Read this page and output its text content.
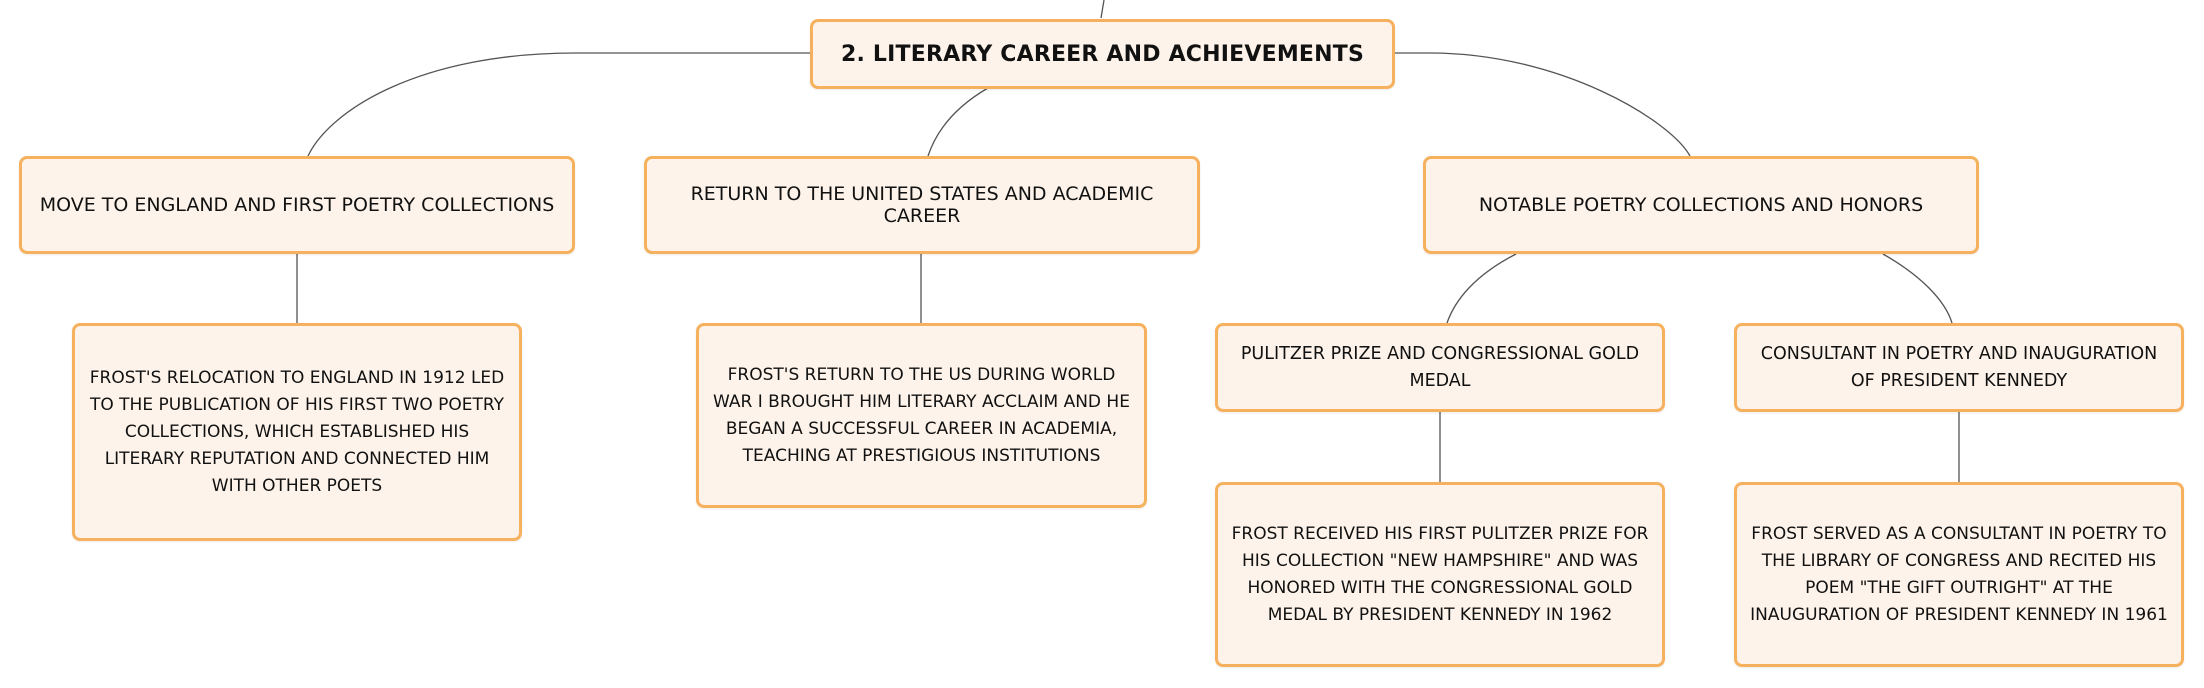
2. LITERARY CAREER AND ACHIEVEMENTS
MOVE TO ENGLAND AND FIRST POETRY COLLECTIONS	RETURN TO THE UNITED STATES AND ACADEMIC CAREER	NOTABLE POETRY COLLECTIONS AND HONORS
FROST'S RELOCATION TO ENGLAND IN 1912 LED TO THE PUBLICATION OF HIS FIRST TWO POETRY COLLECTIONS, WHICH ESTABLISHED HIS LITERARY REPUTATION AND CONNECTED HIM WITH OTHER POETS
FROST'S RETURN TO THE US DURING WORLD WAR I BROUGHT HIM LITERARY ACCLAIM AND HE BEGAN A SUCCESSFUL CAREER IN ACADEMIA, TEACHING AT PRESTIGIOUS INSTITUTIONS
PULITZER PRIZE AND CONGRESSIONAL GOLD MEDAL
CONSULTANT IN POETRY AND INAUGURATION OF PRESIDENT KENNEDY
FROST RECEIVED HIS FIRST PULITZER PRIZE FOR HIS COLLECTION "NEW HAMPSHIRE" AND WAS HONORED WITH THE CONGRESSIONAL GOLD MEDAL BY PRESIDENT KENNEDY IN 1962
FROST SERVED AS A CONSULTANT IN POETRY TO THE LIBRARY OF CONGRESS AND RECITED HIS POEM "THE GIFT OUTRIGHT" AT THE INAUGURATION OF PRESIDENT KENNEDY IN 1961
